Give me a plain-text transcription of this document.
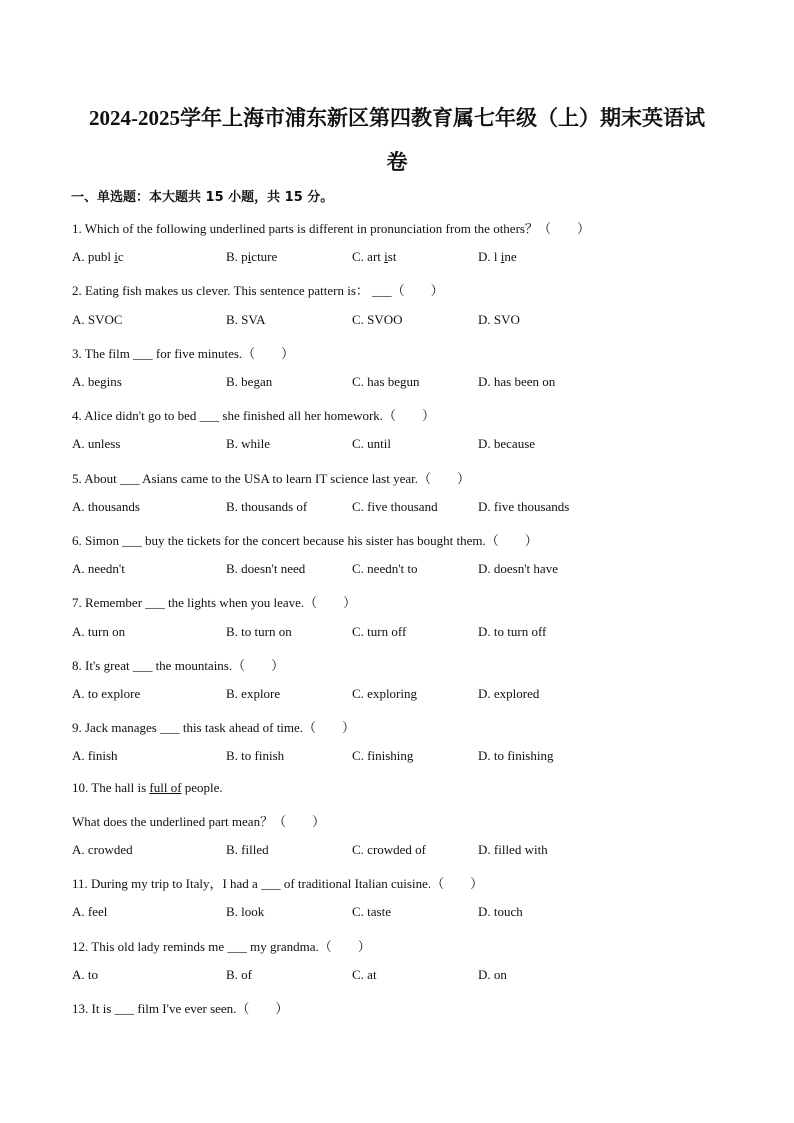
2024-2025学年上海市浦东新区第四教育属七年级（上）期末英语试
卷
一、单选题：本大题共 15 小题，共 15 分。
1. Which of the following underlined parts is different in pronunciation from the others？（　　）
A. publ ic	B. picture	C. art ist	D. l ine
2. Eating fish makes us clever. This sentence pattern is： ___（　　）
A. SVOC	B. SVA	C. SVOO	D. SVO
3. The film ___ for five minutes.（　　）
A. begins	B. began	C. has begun	D. has been on
4. Alice didn't go to bed ___ she finished all her homework.（　　）
A. unless	B. while	C. until	D. because
5. About ___ Asians came to the USA to learn IT science last year.（　　）
A. thousands	B. thousands of	C. five thousand	D. five thousands
6. Simon ___ buy the tickets for the concert because his sister has bought them.（　　）
A. needn't	B. doesn't need	C. needn't to	D. doesn't have
7. Remember ___ the lights when you leave.（　　）
A. turn on	B. to turn on	C. turn off	D. to turn off
8. It's great ___ the mountains.（　　）
A. to explore	B. explore	C. exploring	D. explored
9. Jack manages ___ this task ahead of time.（　　）
A. finish	B. to finish	C. finishing	D. to finishing
10. The hall is full of people.
What does the underlined part mean？（　　）
A. crowded	B. filled	C. crowded of	D. filled with
11. During my trip to Italy，I had a ___ of traditional Italian cuisine.（　　）
A. feel	B. look	C. taste	D. touch
12. This old lady reminds me ___ my grandma.（　　）
A. to	B. of	C. at	D. on
13. It is ___ film I've ever seen.（　　）
